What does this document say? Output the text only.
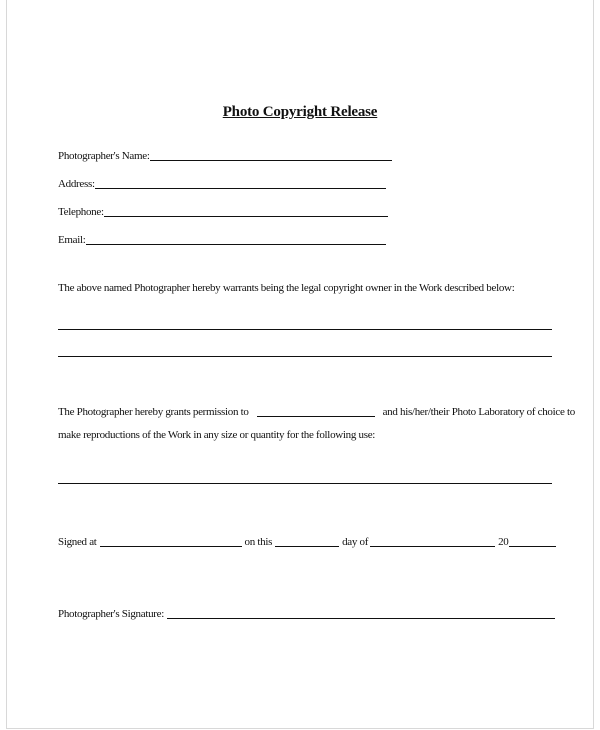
Photo Copyright Release
Photographer's Name:
Address:
Telephone:
Email:
The above named Photographer hereby warrants being the legal copyright owner in the Work described below:
The Photographer hereby grants permission to	and his/her/their Photo Laboratory of choice to
make reproductions of the Work in any size or quantity for the following use:
Signed at	on this	day of	20
Photographer's Signature:
